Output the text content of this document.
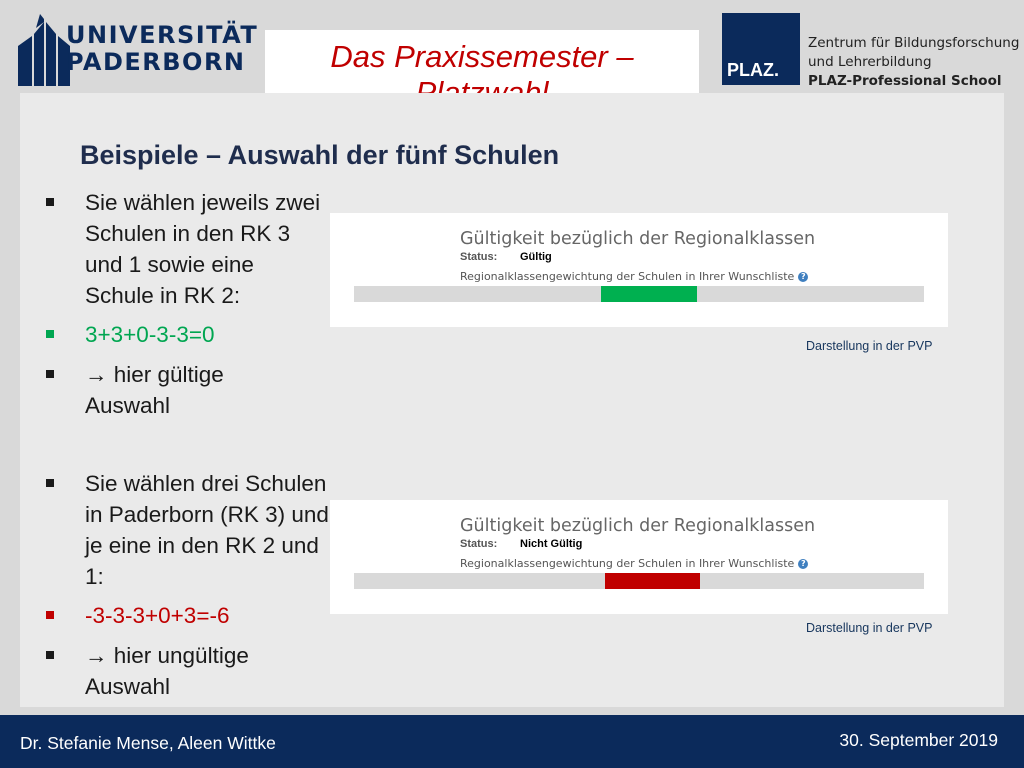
UNIVERSITÄT
PADERBORN	Das Praxissemester –	PLAZ.
Zentrum für Bildungsforschung
und Lehrerbildung
PLAZ-Professional School
Beispiele – Auswahl der fünf Schulen
Sie wählen jeweils zwei Schulen in den RK 3 und 1 sowie eine Schule in RK 2:
3+3+0-3-3=0
→ hier gültige Auswahl
Gültigkeit bezüglich der Regionalklassen
Status: Gültig
Regionalklassengewichtung der Schulen in Ihrer Wunschliste ?
Darstellung in der PVP
Sie wählen drei Schulen in Paderborn (RK 3) und je eine in den RK 2 und 1:
-3-3-3+0+3=-6
→ hier ungültige Auswahl
Gültigkeit bezüglich der Regionalklassen
Status: Nicht Gültig
Regionalklassengewichtung der Schulen in Ihrer Wunschliste ?
Darstellung in der PVP
Dr. Stefanie Mense, Aleen Wittke	30. September 2019
